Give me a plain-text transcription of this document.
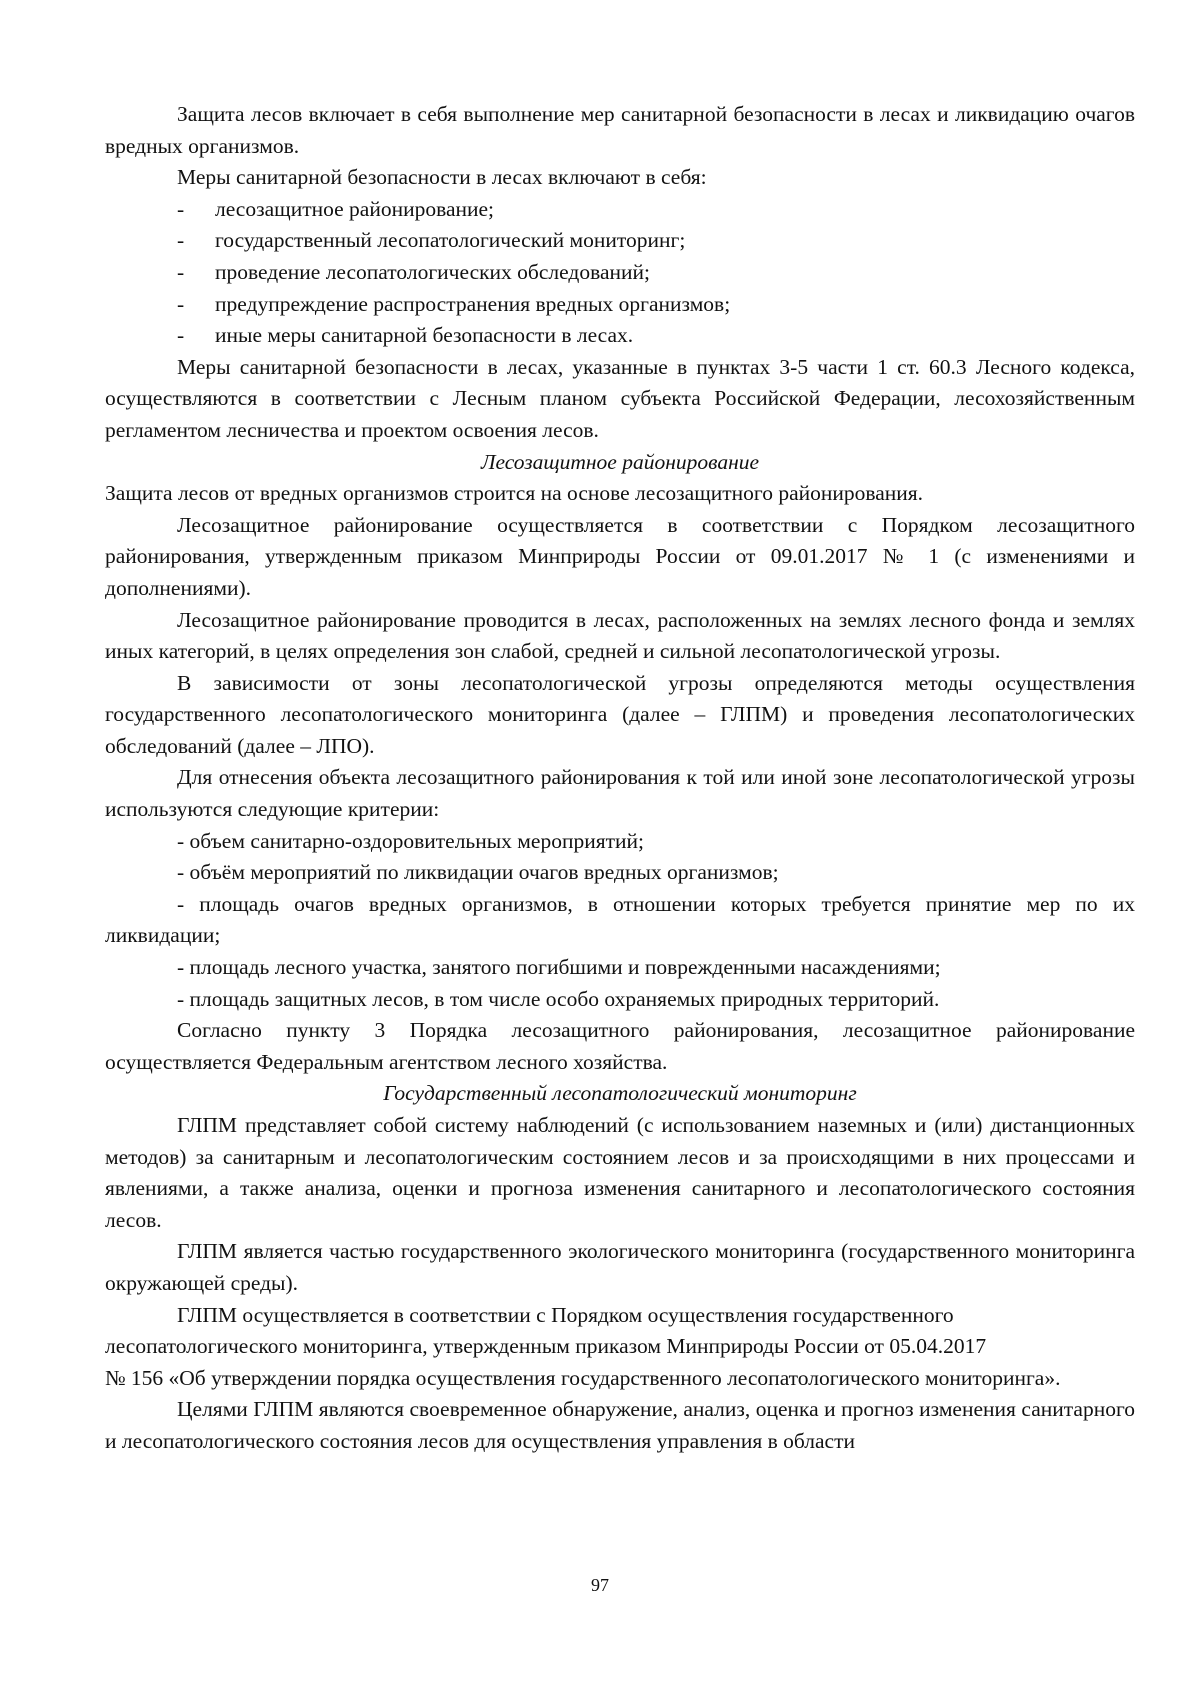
Защита лесов включает в себя выполнение мер санитарной безопасности в лесах и ликвидацию очагов вредных организмов.

Меры санитарной безопасности в лесах включают в себя:

- лесозащитное районирование;

- государственный лесопатологический мониторинг;

- проведение лесопатологических обследований;

- предупреждение распространения вредных организмов;

- иные меры санитарной безопасности в лесах.

Меры санитарной безопасности в лесах, указанные в пунктах 3-5 части 1 ст. 60.3 Лесного кодекса, осуществляются в соответствии с Лесным планом субъекта Российской Федерации, лесохозяйственным регламентом лесничества и проектом освоения лесов.

Лесозащитное районирование

Защита лесов от вредных организмов строится на основе лесозащитного районирования.

Лесозащитное районирование осуществляется в соответствии с Порядком лесозащитного районирования, утвержденным приказом Минприроды России от 09.01.2017 № 1 (с изменениями и дополнениями).

Лесозащитное районирование проводится в лесах, расположенных на землях лесного фонда и землях иных категорий, в целях определения зон слабой, средней и сильной лесопатологической угрозы.

В зависимости от зоны лесопатологической угрозы определяются методы осуществления государственного лесопатологического мониторинга (далее – ГЛПМ) и проведения лесопатологических обследований (далее – ЛПО).

Для отнесения объекта лесозащитного районирования к той или иной зоне лесопатологической угрозы используются следующие критерии:

- объем санитарно-оздоровительных мероприятий;

- объём мероприятий по ликвидации очагов вредных организмов;

- площадь очагов вредных организмов, в отношении которых требуется принятие мер по их ликвидации;

- площадь лесного участка, занятого погибшими и поврежденными насаждениями;

- площадь защитных лесов, в том числе особо охраняемых природных территорий.

Согласно пункту 3 Порядка лесозащитного районирования, лесозащитное районирование осуществляется Федеральным агентством лесного хозяйства.

Государственный лесопатологический мониторинг

ГЛПМ представляет собой систему наблюдений (с использованием наземных и (или) дистанционных методов) за санитарным и лесопатологическим состоянием лесов и за происходящими в них процессами и явлениями, а также анализа, оценки и прогноза изменения санитарного и лесопатологического состояния лесов.

ГЛПМ является частью государственного экологического мониторинга (государственного мониторинга окружающей среды).

ГЛПМ осуществляется в соответствии с Порядком осуществления государственного лесопатологического мониторинга, утвержденным приказом Минприроды России от 05.04.2017

№ 156 «Об утверждении порядка осуществления государственного лесопатологического мониторинга».

Целями ГЛПМ являются своевременное обнаружение, анализ, оценка и прогноз изменения санитарного и лесопатологического состояния лесов для осуществления управления в области

97
